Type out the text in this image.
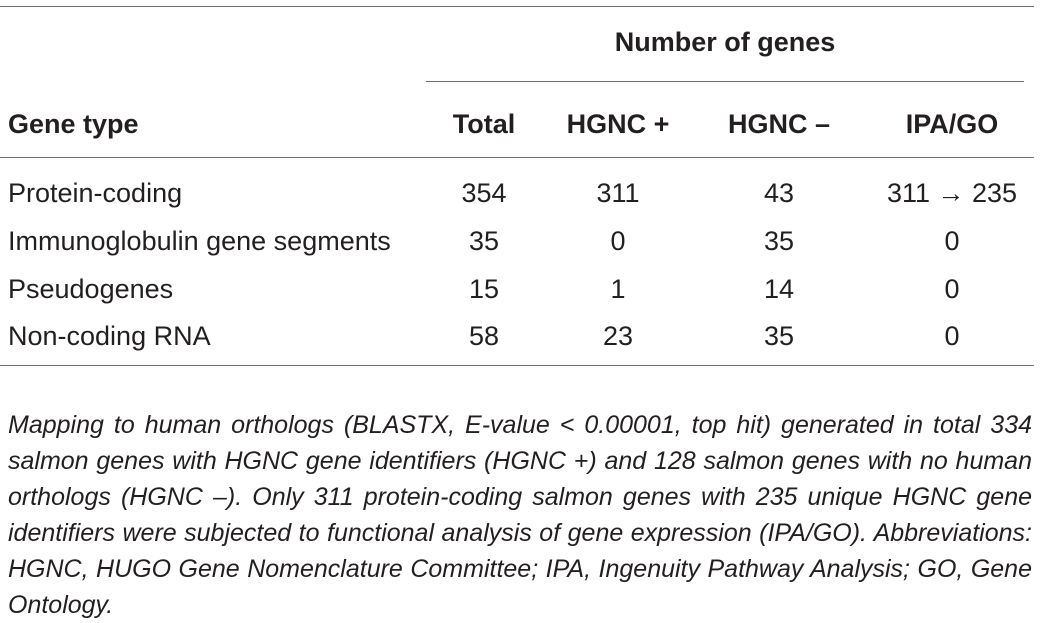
Number of genes
Gene type	Total	HGNC +	HGNC –	IPA/GO
Protein-coding	354	311	43	311 → 235
Immunoglobulin gene segments	35	0	35	0
Pseudogenes	15	1	14	0
Non-coding RNA	58	23	35	0

Mapping to human orthologs (BLASTX, E-value < 0.00001, top hit) generated in total 334 salmon genes with HGNC gene identifiers (HGNC +) and 128 salmon genes with no human orthologs (HGNC –). Only 311 protein-coding salmon genes with 235 unique HGNC gene identifiers were subjected to functional analysis of gene expression (IPA/GO). Abbreviations: HGNC, HUGO Gene Nomenclature Committee; IPA, Ingenuity Pathway Analysis; GO, Gene Ontology.
